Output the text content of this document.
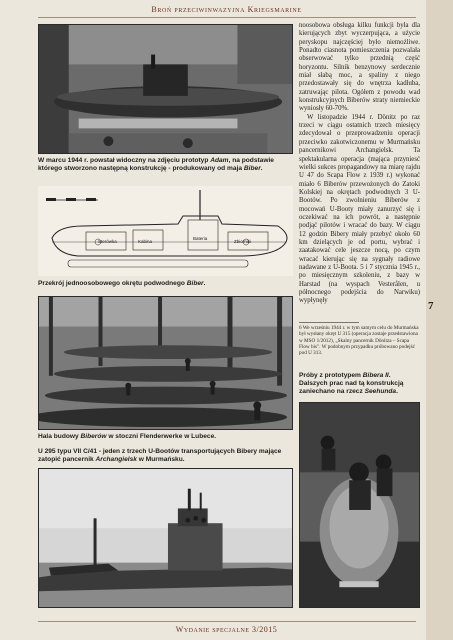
Broń przeciwinwazyjna Kriegsmarine
W marcu 1944 r. powstał widoczny na zdjęciu prototyp Adam, na podstawie którego stworzono następną konstrukcję - produkowany od maja Biber.
Sterówka	Kabina
Bateria
Zbiorniki
Przekrój jednoosobowego okrętu podwodnego Biber.
Hala budowy Biberów w stoczni Flenderwerke w Lubece.
U 295 typu VII C/41 - jeden z trzech U-Bootów transportujących Bibery mające zatopić pancernik Archangielsk w Murmańsku.

noosobowa obsługa kilku funkcji była dla kierujących zbyt wyczerpująca, a użycie peryskopu najczęściej było niemożliwe. Ponadto ciasnota pomieszczenia pozwalała obserwować tylko przednią część horyzontu. Silnik benzynowy serdecznie miał słabą moc, a spaliny z niego przedostawały się do wnętrza kadłuba, zatruwając pilota. Ogółem z powodu wad konstrukcyjnych Biberów straty niemieckie wyniosły 60-70%.

W listopadzie 1944 r. Dönitz po raz trzeci w ciągu ostatnich trzech miesięcy zdecydował o przeprowadzeniu operacji przeciwko zakotwiczonemu w Murmańsku pancernikowi Archangielsk. Ta spektakularna operacja (mająca przyniesć wielki sukces propagandowy na miarę rajdu U 47 do Scapa Flow z 1939 r.) wykonać miało 6 Biberów przewożonych do Zatoki Kolskiej na okrętach podwodnych 3 U-Bootów. Po zwolnieniu Biberów z mocowań U-Booty miały zanurzyć się i oczekiwać na ich powrót, a następnie podjąć pilotów i wracać do bazy. W ciągu 12 godzin Bibery miały przebyć około 60 km dzielących je od portu, wybrać i zaatakować cele jeszcze nocą, po czym wracać kierując się na sygnały radiowe nadawane z U-Boota. 5 i 7 stycznia 1945 r., po miesięcznym szkoleniu, z bazy w Harstad (na wyspach Vesterålen, u północnego podejścia do Narwiku) wypłynęły

6 We wrześniu 1944 r. w tym samym celu do Murmańska był wysłany okręt U 315 (operacja zostaje przedstawiona w MSO 1/2012), „Skalny pancernik Dönitza – Scapa Flow bis". W podobnym przypadku próbowano podejść pod U 313.
Próby z prototypem Bibera II. Dalszych prac nad tą konstrukcją zaniechano na rzecz Seehunda.
7
Wydanie specjalne 3/2015
